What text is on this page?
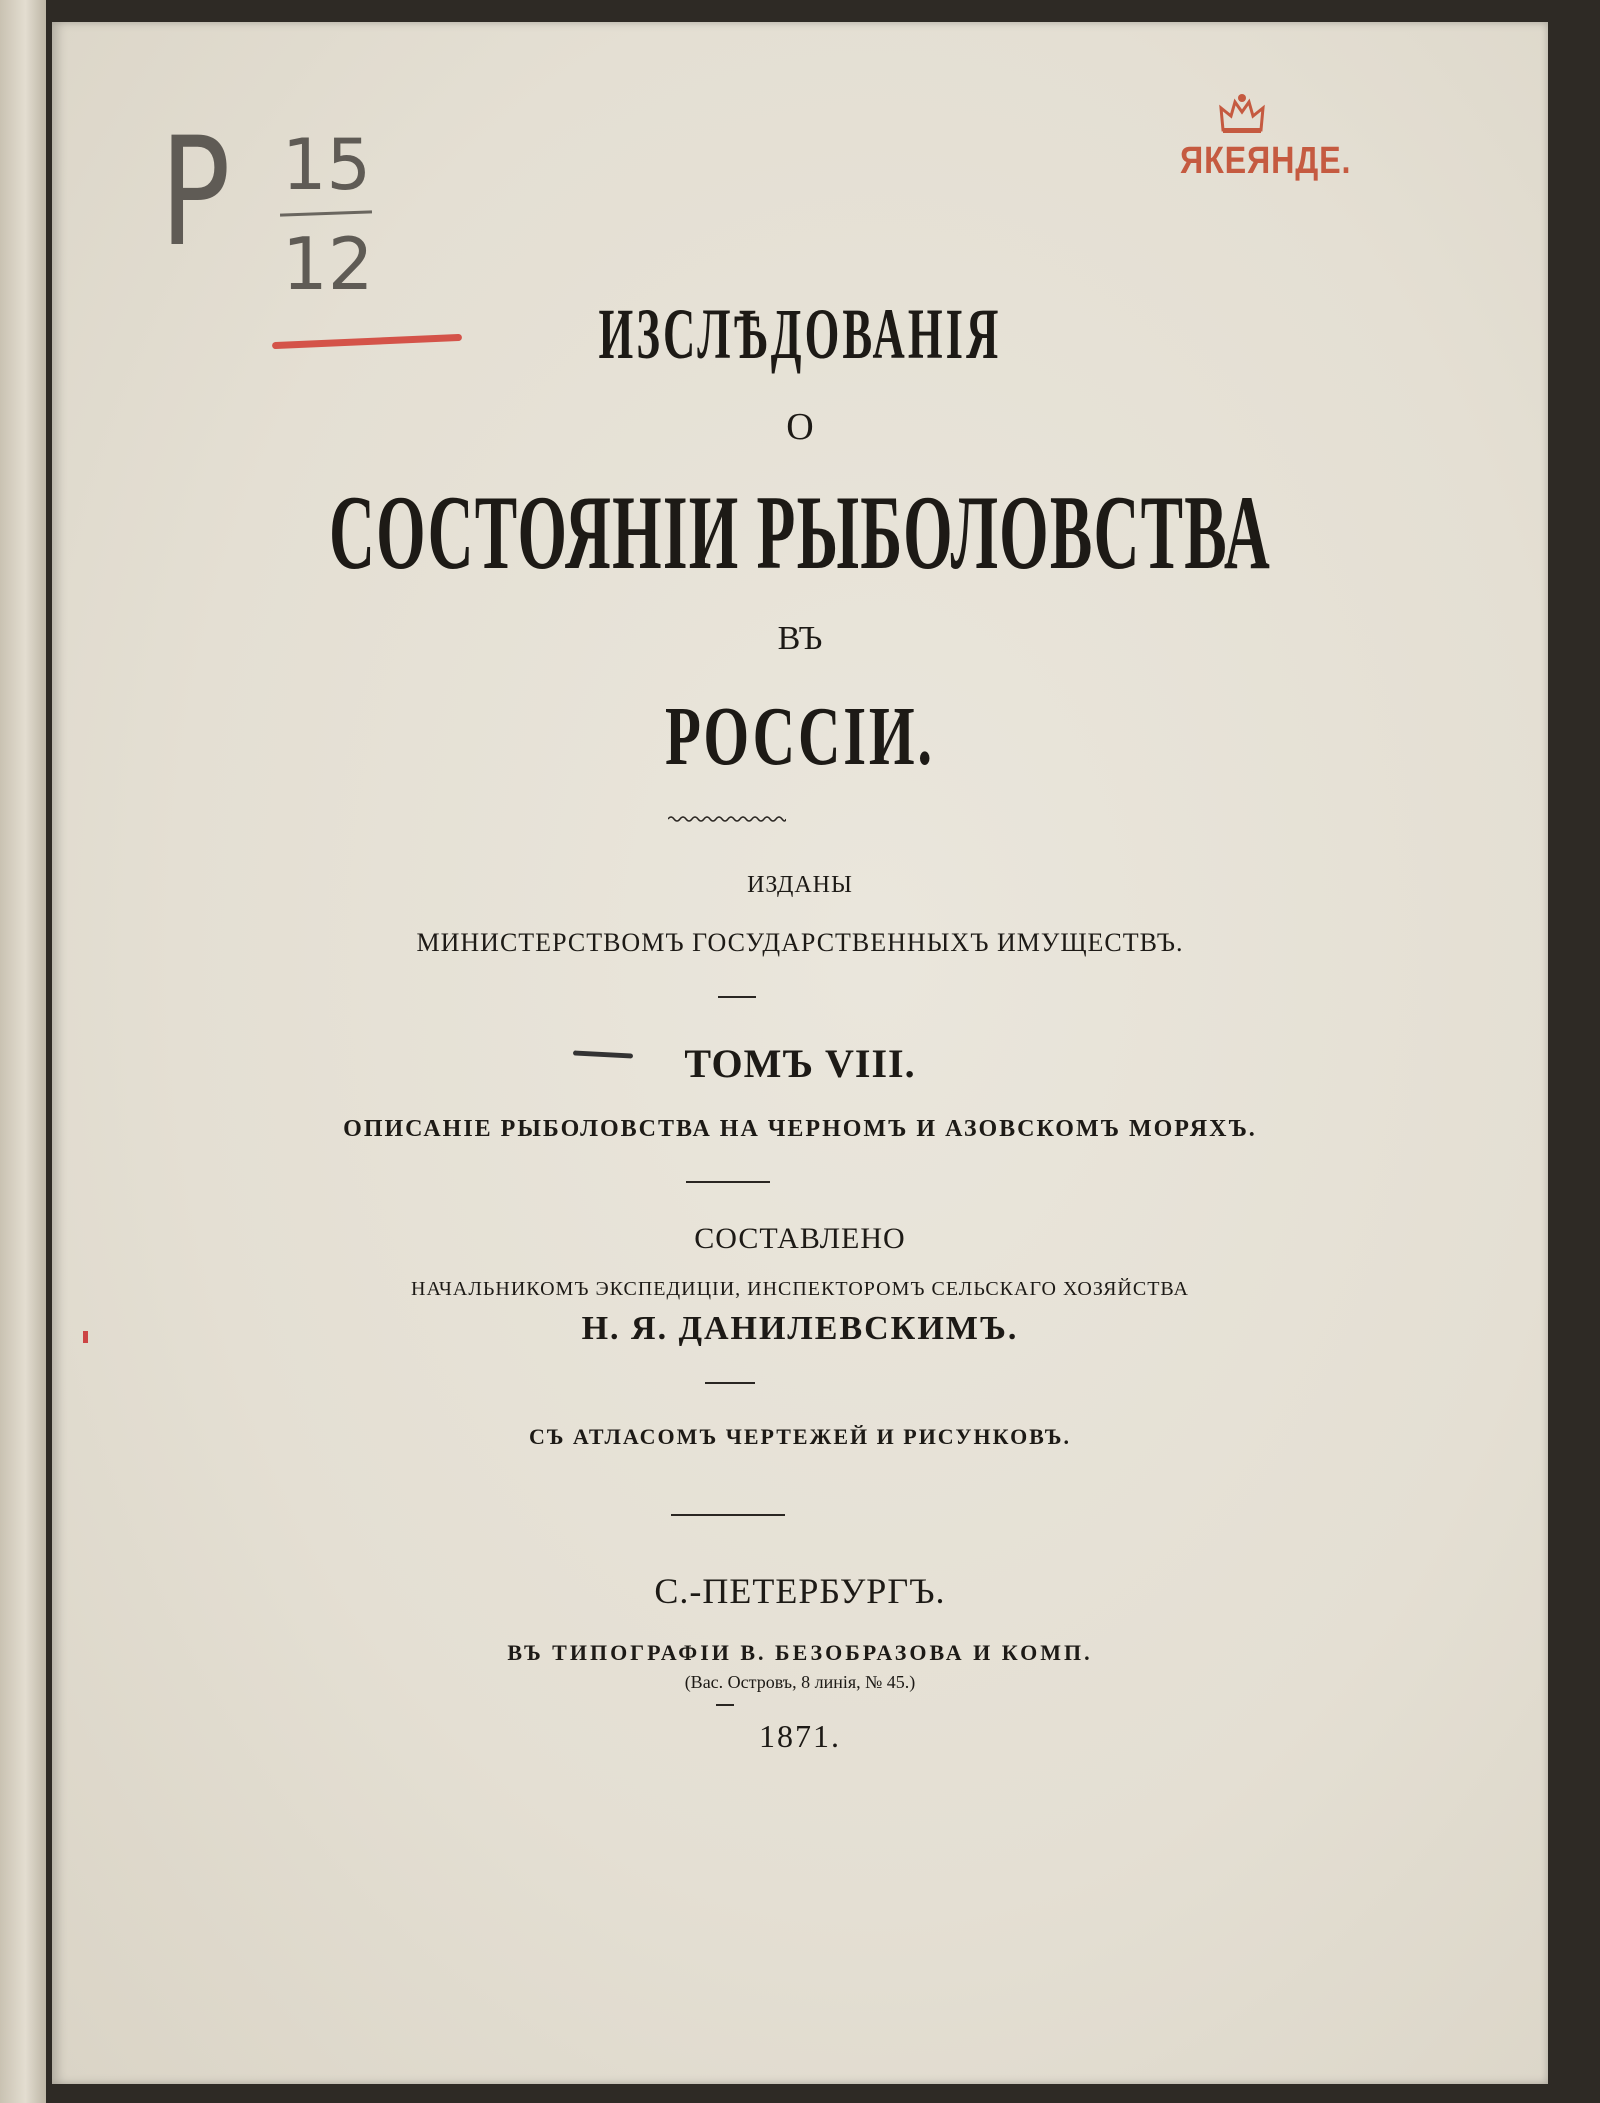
P 15
12
ЯКЕЯНДЕ.
ИЗСЛѢДОВАНІЯ
О
СОСТОЯНІИ РЫБОЛОВСТВА
ВЪ
РОССІИ.
ИЗДАНЫ
МИНИСТЕРСТВОМЪ ГОСУДАРСТВЕННЫХЪ ИМУЩЕСТВЪ.
ТОМЪ VIII.
ОПИСАНІЕ РЫБОЛОВСТВА НА ЧЕРНОМЪ И АЗОВСКОМЪ МОРЯХЪ.
СОСТАВЛЕНО
НАЧАЛЬНИКОМЪ ЭКСПЕДИЦІИ, ИНСПЕКТОРОМЪ СЕЛЬСКАГО ХОЗЯЙСТВА
Н. Я. ДАНИЛЕВСКИМЪ.
СЪ АТЛАСОМЪ ЧЕРТЕЖЕЙ И РИСУНКОВЪ.
С.-ПЕТЕРБУРГЪ.
ВЪ ТИПОГРАФІИ В. БЕЗОБРАЗОВА И КОМП.
(Вас. Островъ, 8 линія, № 45.)
1871.
